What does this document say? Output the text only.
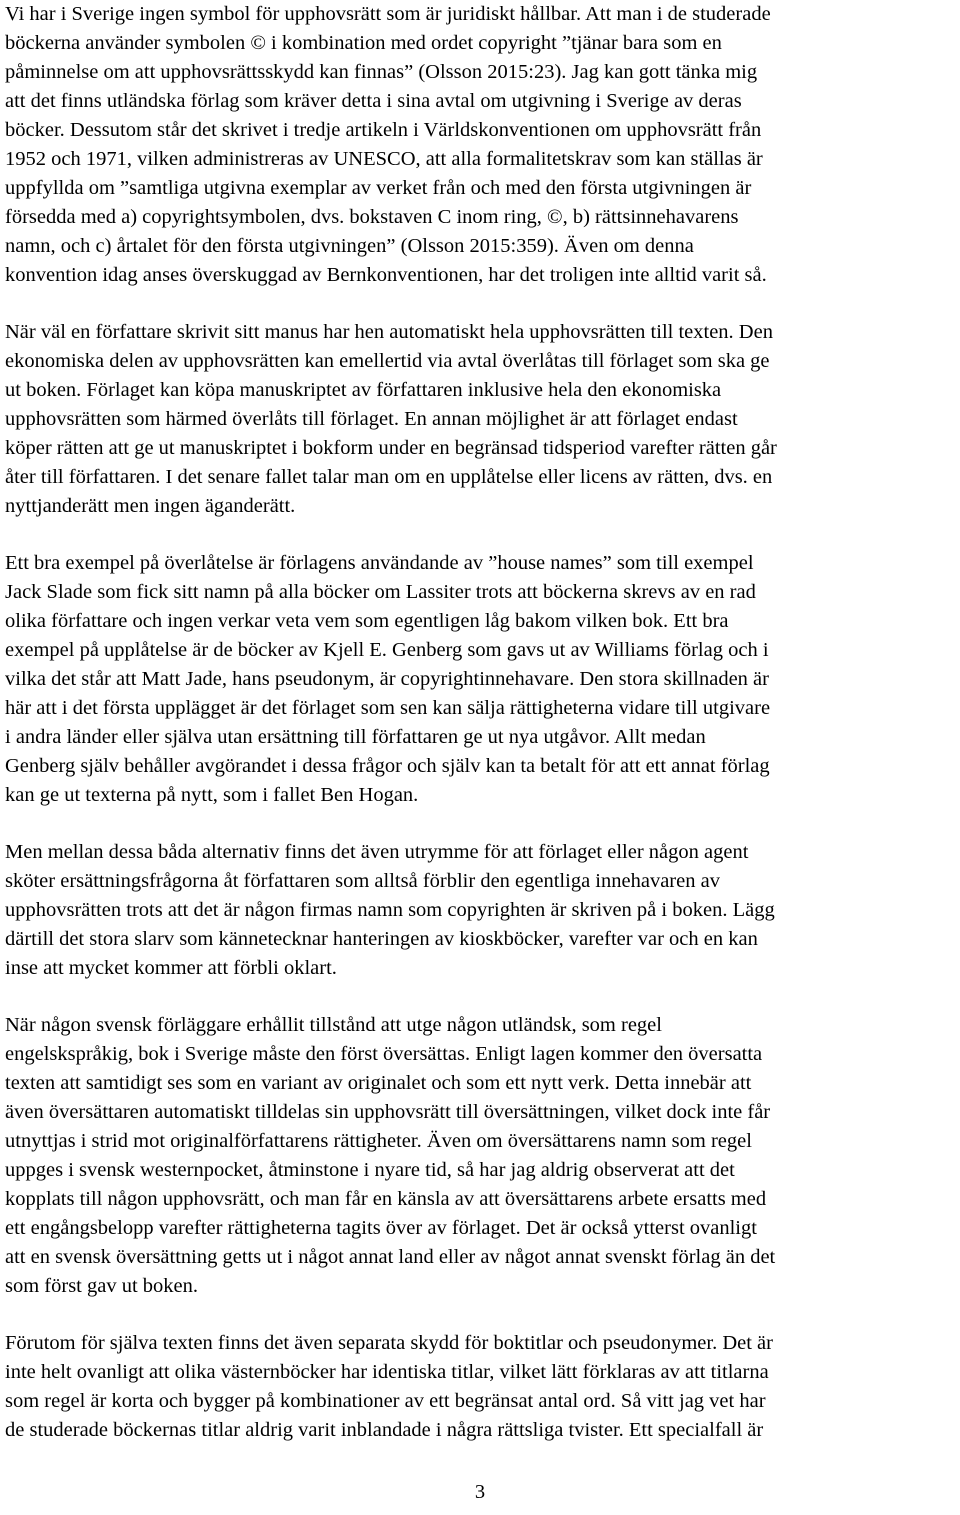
Vi har i Sverige ingen symbol för upphovsrätt som är juridiskt hållbar. Att man i de studerade
böckerna använder symbolen © i kombination med ordet copyright ”tjänar bara som en
påminnelse om att upphovsrättsskydd kan finnas” (Olsson 2015:23). Jag kan gott tänka mig
att det finns utländska förlag som kräver detta i sina avtal om utgivning i Sverige av deras
böcker. Dessutom står det skrivet i tredje artikeln i Världskonventionen om upphovsrätt från
1952 och 1971, vilken administreras av UNESCO, att alla formalitetskrav som kan ställas är
uppfyllda om ”samtliga utgivna exemplar av verket från och med den första utgivningen är
försedda med a) copyrightsymbolen, dvs. bokstaven C inom ring, ©, b) rättsinnehavarens
namn, och c) årtalet för den första utgivningen” (Olsson 2015:359). Även om denna
konvention idag anses överskuggad av Bernkonventionen, har det troligen inte alltid varit så.

När väl en författare skrivit sitt manus har hen automatiskt hela upphovsrätten till texten. Den
ekonomiska delen av upphovsrätten kan emellertid via avtal överlåtas till förlaget som ska ge
ut boken. Förlaget kan köpa manuskriptet av författaren inklusive hela den ekonomiska
upphovsrätten som härmed överlåts till förlaget. En annan möjlighet är att förlaget endast
köper rätten att ge ut manuskriptet i bokform under en begränsad tidsperiod varefter rätten går
åter till författaren. I det senare fallet talar man om en upplåtelse eller licens av rätten, dvs. en
nyttjanderätt men ingen äganderätt.

Ett bra exempel på överlåtelse är förlagens användande av ”house names” som till exempel
Jack Slade som fick sitt namn på alla böcker om Lassiter trots att böckerna skrevs av en rad
olika författare och ingen verkar veta vem som egentligen låg bakom vilken bok. Ett bra
exempel på upplåtelse är de böcker av Kjell E. Genberg som gavs ut av Williams förlag och i
vilka det står att Matt Jade, hans pseudonym, är copyrightinnehavare. Den stora skillnaden är
här att i det första upplägget är det förlaget som sen kan sälja rättigheterna vidare till utgivare
i andra länder eller själva utan ersättning till författaren ge ut nya utgåvor. Allt medan
Genberg själv behåller avgörandet i dessa frågor och själv kan ta betalt för att ett annat förlag
kan ge ut texterna på nytt, som i fallet Ben Hogan.

Men mellan dessa båda alternativ finns det även utrymme för att förlaget eller någon agent
sköter ersättningsfrågorna åt författaren som alltså förblir den egentliga innehavaren av
upphovsrätten trots att det är någon firmas namn som copyrighten är skriven på i boken. Lägg
därtill det stora slarv som kännetecknar hanteringen av kioskböcker, varefter var och en kan
inse att mycket kommer att förbli oklart.

När någon svensk förläggare erhållit tillstånd att utge någon utländsk, som regel
engelskspråkig, bok i Sverige måste den först översättas. Enligt lagen kommer den översatta
texten att samtidigt ses som en variant av originalet och som ett nytt verk. Detta innebär att
även översättaren automatiskt tilldelas sin upphovsrätt till översättningen, vilket dock inte får
utnyttjas i strid mot originalförfattarens rättigheter. Även om översättarens namn som regel
uppges i svensk westernpocket, åtminstone i nyare tid, så har jag aldrig observerat att det
kopplats till någon upphovsrätt, och man får en känsla av att översättarens arbete ersatts med
ett engångsbelopp varefter rättigheterna tagits över av förlaget. Det är också ytterst ovanligt
att en svensk översättning getts ut i något annat land eller av något annat svenskt förlag än det
som först gav ut boken.

Förutom för själva texten finns det även separata skydd för boktitlar och pseudonymer. Det är
inte helt ovanligt att olika västernböcker har identiska titlar, vilket lätt förklaras av att titlarna
som regel är korta och bygger på kombinationer av ett begränsat antal ord. Så vitt jag vet har
de studerade böckernas titlar aldrig varit inblandade i några rättsliga tvister. Ett specialfall är

3
